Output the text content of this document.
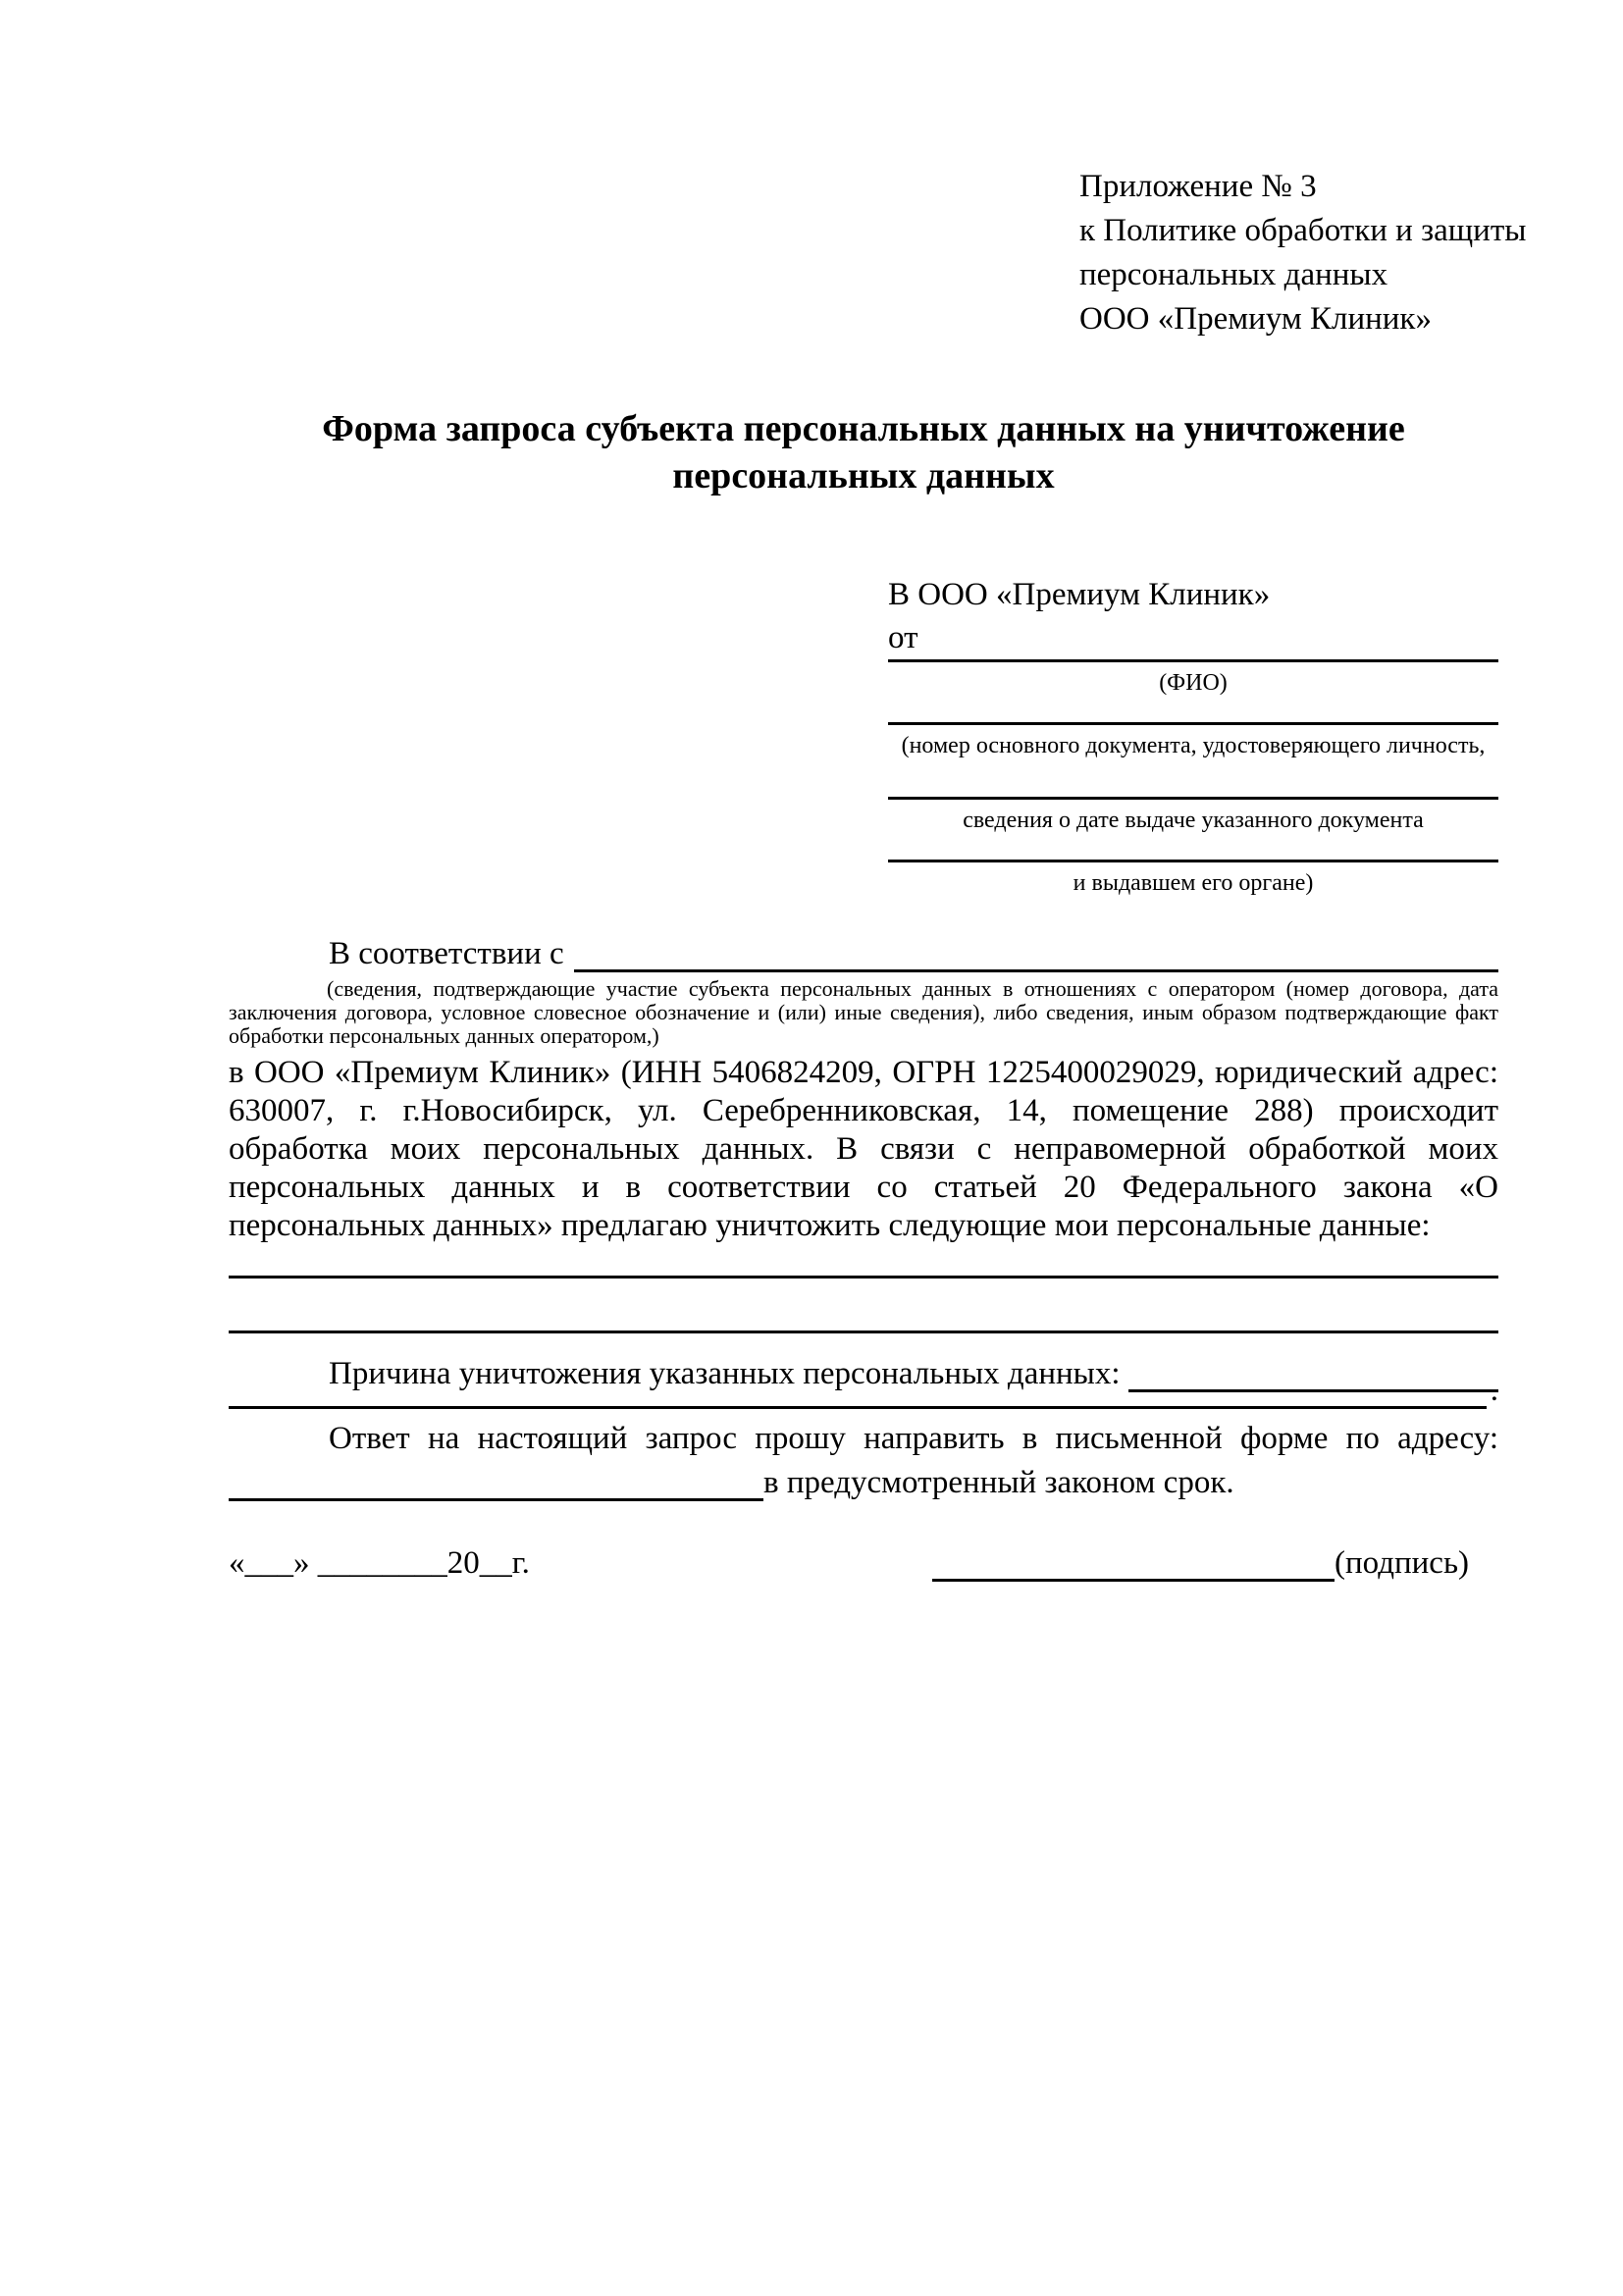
Приложение № 3
к Политике обработки и защиты
персональных данных
ООО «Премиум Клиник»
Форма запроса субъекта персональных данных на уничтожение персональных данных
В ООО «Премиум Клиник»
от
(ФИО)
(номер основного документа, удостоверяющего личность,
сведения о дате выдаче указанного документа
и выдавшем его органе)
В соответствии с
(сведения, подтверждающие участие субъекта персональных данных в отношениях с оператором (номер договора, дата заключения договора, условное словесное обозначение и (или) иные сведения), либо сведения, иным образом подтверждающие факт обработки персональных данных оператором,)
в ООО «Премиум Клиник» (ИНН 5406824209, ОГРН 1225400029029, юридический адрес: 630007, г. г.Новосибирск, ул. Серебренниковская, 14, помещение 288) происходит обработка моих персональных данных. В связи с неправомерной обработкой моих персональных данных и в соответствии со статьей 20 Федерального закона «О персональных данных» предлагаю уничтожить следующие мои персональные данные:
Причина уничтожения указанных персональных данных:	.
Ответ на настоящий запрос прошу направить в письменной форме по адресу:
в предусмотренный законом срок.
«___» ________20__г.	(подпись)
